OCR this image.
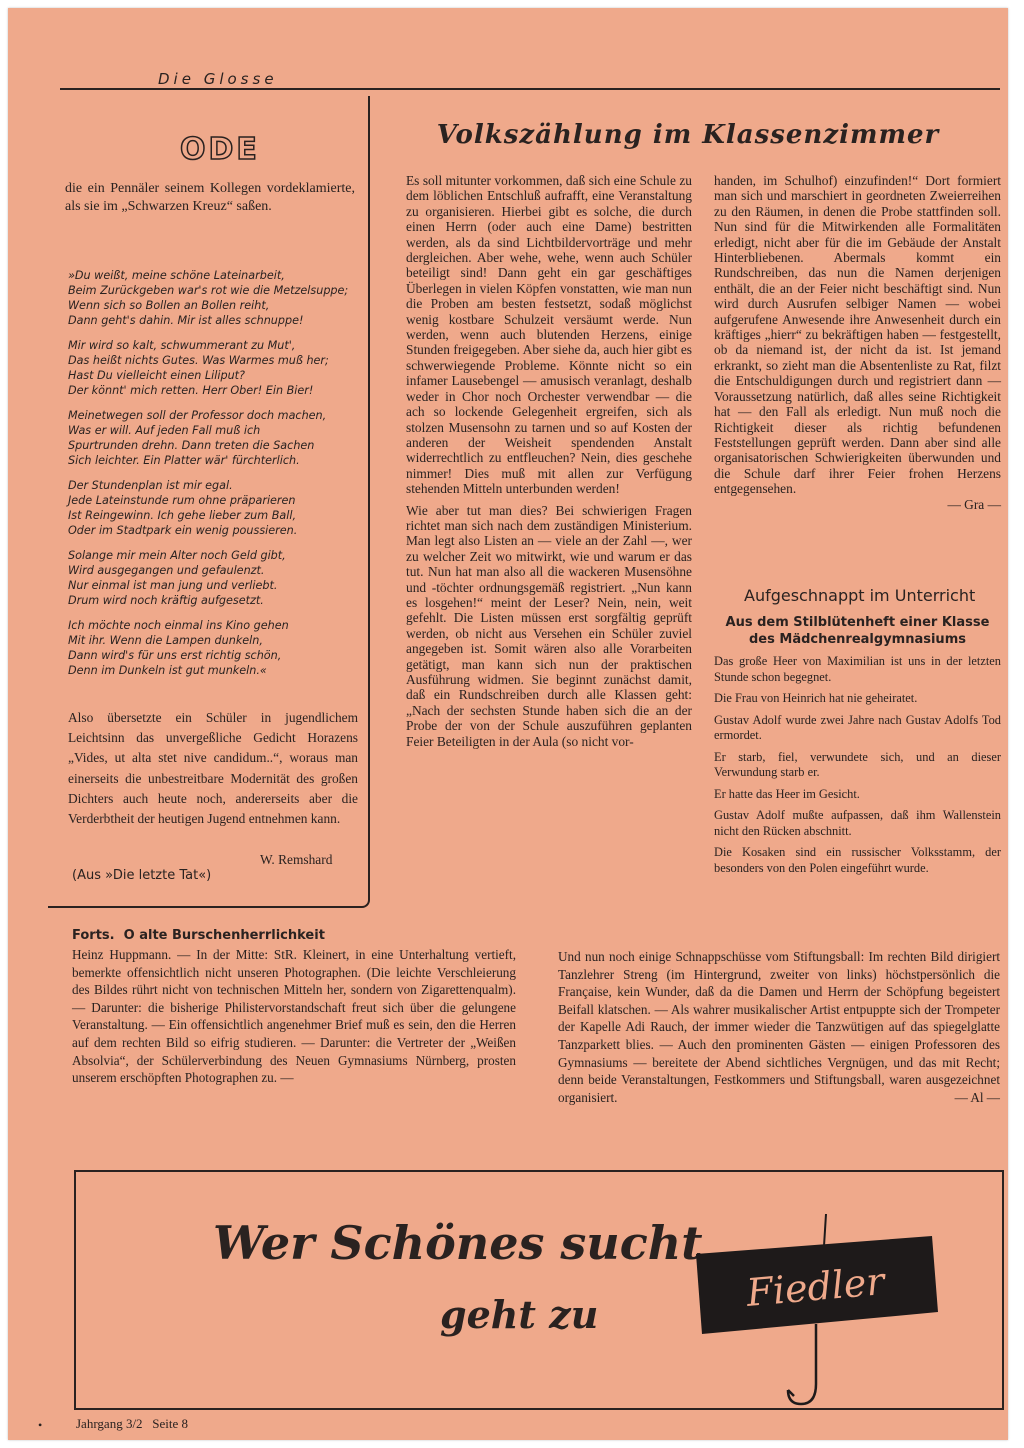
Die Glosse
ODE
die ein Pennäler seinem Kollegen vordeklamierte, als sie im „Schwarzen Kreuz“ saßen.
»Du weißt, meine schöne Lateinarbeit,
Beim Zurückgeben war's rot wie die Metzelsuppe;
Wenn sich so Bollen an Bollen reiht,
Dann geht's dahin. Mir ist alles schnuppe!
Mir wird so kalt, schwummerant zu Mut',
Das heißt nichts Gutes. Was Warmes muß her;
Hast Du vielleicht einen Liliput?
Der könnt' mich retten. Herr Ober! Ein Bier!
Meinetwegen soll der Professor doch machen,
Was er will. Auf jeden Fall muß ich
Spurtrunden drehn. Dann treten die Sachen
Sich leichter. Ein Platter wär' fürchterlich.
Der Stundenplan ist mir egal.
Jede Lateinstunde rum ohne präparieren
Ist Reingewinn. Ich gehe lieber zum Ball,
Oder im Stadtpark ein wenig poussieren.
Solange mir mein Alter noch Geld gibt,
Wird ausgegangen und gefaulenzt.
Nur einmal ist man jung und verliebt.
Drum wird noch kräftig aufgesetzt.
Ich möchte noch einmal ins Kino gehen
Mit ihr. Wenn die Lampen dunkeln,
Dann wird's für uns erst richtig schön,
Denn im Dunkeln ist gut munkeln.«
Also übersetzte ein Schüler in jugendlichem Leichtsinn das unvergeßliche Gedicht Horazens „Vides, ut alta stet nive candidum..“, woraus man einerseits die unbestreitbare Modernität des großen Dichters auch heute noch, andererseits aber die Verderbtheit der heutigen Jugend entnehmen kann.
W. Remshard
(Aus »Die letzte Tat«)
Volkszählung im Klassenzimmer

Es soll mitunter vorkommen, daß sich eine Schule zu dem löblichen Entschluß aufrafft, eine Veranstaltung zu organisieren. Hierbei gibt es solche, die durch einen Herrn (oder auch eine Dame) bestritten werden, als da sind Lichtbildervorträge und mehr dergleichen. Aber wehe, wehe, wenn auch Schüler beteiligt sind! Dann geht ein gar geschäftiges Überlegen in vielen Köpfen vonstatten, wie man nun die Proben am besten festsetzt, sodaß möglichst wenig kostbare Schulzeit versäumt werde. Nun werden, wenn auch blutenden Herzens, einige Stunden freigegeben. Aber siehe da, auch hier gibt es schwerwiegende Probleme. Könnte nicht so ein infamer Lausebengel — amusisch veranlagt, deshalb weder in Chor noch Orchester verwendbar — die ach so lockende Gelegenheit ergreifen, sich als stolzen Musensohn zu tarnen und so auf Kosten der anderen der Weisheit spendenden Anstalt widerrechtlich zu entfleuchen? Nein, dies geschehe nimmer! Dies muß mit allen zur Verfügung stehenden Mitteln unterbunden werden!

Wie aber tut man dies? Bei schwierigen Fragen richtet man sich nach dem zuständigen Ministerium. Man legt also Listen an — viele an der Zahl —, wer zu welcher Zeit wo mitwirkt, wie und warum er das tut. Nun hat man also all die wackeren Musensöhne und -töchter ordnungsgemäß registriert. „Nun kann es losgehen!“ meint der Leser? Nein, nein, weit gefehlt. Die Listen müssen erst sorgfältig geprüft werden, ob nicht aus Versehen ein Schüler zuviel angegeben ist. Somit wären also alle Vorarbeiten getätigt, man kann sich nun der praktischen Ausführung widmen. Sie beginnt zunächst damit, daß ein Rundschreiben durch alle Klassen geht: „Nach der sechsten Stunde haben sich die an der Probe der von der Schule auszuführen geplanten Feier Beteiligten in der Aula (so nicht vor-

handen, im Schulhof) einzufinden!“ Dort formiert man sich und marschiert in geordneten Zweierreihen zu den Räumen, in denen die Probe stattfinden soll. Nun sind für die Mitwirkenden alle Formalitäten erledigt, nicht aber für die im Gebäude der Anstalt Hinterbliebenen. Abermals kommt ein Rundschreiben, das nun die Namen derjenigen enthält, die an der Feier nicht beschäftigt sind. Nun wird durch Ausrufen selbiger Namen — wobei aufgerufene Anwesende ihre Anwesenheit durch ein kräftiges „hierr“ zu bekräftigen haben — festgestellt, ob da niemand ist, der nicht da ist. Ist jemand erkrankt, so zieht man die Absentenliste zu Rat, filzt die Entschuldigungen durch und registriert dann — Voraussetzung natürlich, daß alles seine Richtigkeit hat — den Fall als erledigt. Nun muß noch die Richtigkeit dieser als richtig befundenen Feststellungen geprüft werden. Dann aber sind alle organisatorischen Schwierigkeiten überwunden und die Schule darf ihrer Feier frohen Herzens entgegensehen.

— Gra —
Aufgeschnappt im Unterricht
Aus dem Stilblütenheft einer Klasse des Mädchenrealgymnasiums

Das große Heer von Maximilian ist uns in der letzten Stunde schon begegnet.

Die Frau von Heinrich hat nie geheiratet.

Gustav Adolf wurde zwei Jahre nach Gustav Adolfs Tod ermordet.

Er starb, fiel, verwundete sich, und an dieser Verwundung starb er.

Er hatte das Heer im Gesicht.

Gustav Adolf mußte aufpassen, daß ihm Wallenstein nicht den Rücken abschnitt.

Die Kosaken sind ein russischer Volksstamm, der besonders von den Polen eingeführt wurde.

Forts. O alte Burschenherrlichkeit
Heinz Huppmann. — In der Mitte: StR. Kleinert, in eine Unterhaltung vertieft, bemerkte offensichtlich nicht unseren Photographen. (Die leichte Verschleierung des Bildes rührt nicht von technischen Mitteln her, sondern von Zigarettenqualm). — Darunter: die bisherige Philistervorstandschaft freut sich über die gelungene Veranstaltung. — Ein offensichtlich angenehmer Brief muß es sein, den die Herren auf dem rechten Bild so eifrig studieren. — Darunter: die Vertreter der „Weißen Absolvia“, der Schülerverbindung des Neuen Gymnasiums Nürnberg, prosten unserem erschöpften Photographen zu. —
Und nun noch einige Schnappschüsse vom Stiftungsball: Im rechten Bild dirigiert Tanzlehrer Streng (im Hintergrund, zweiter von links) höchstpersönlich die Française, kein Wunder, daß da die Damen und Herrn der Schöpfung begeistert Beifall klatschen. — Als wahrer musikalischer Artist entpuppte sich der Trompeter der Kapelle Adi Rauch, der immer wieder die Tanzwütigen auf das spiegelglatte Tanzparkett blies. — Auch den prominenten Gästen — einigen Professoren des Gymnasiums — bereitete der Abend sichtliches Vergnügen, und das mit Recht; denn beide Veranstaltungen, Festkommers und Stiftungsball, waren ausgezeichnet organisiert.	— Al —
Wer Schönes sucht
geht zu	Fiedler
•	Jahrgang 3/2   Seite 8
